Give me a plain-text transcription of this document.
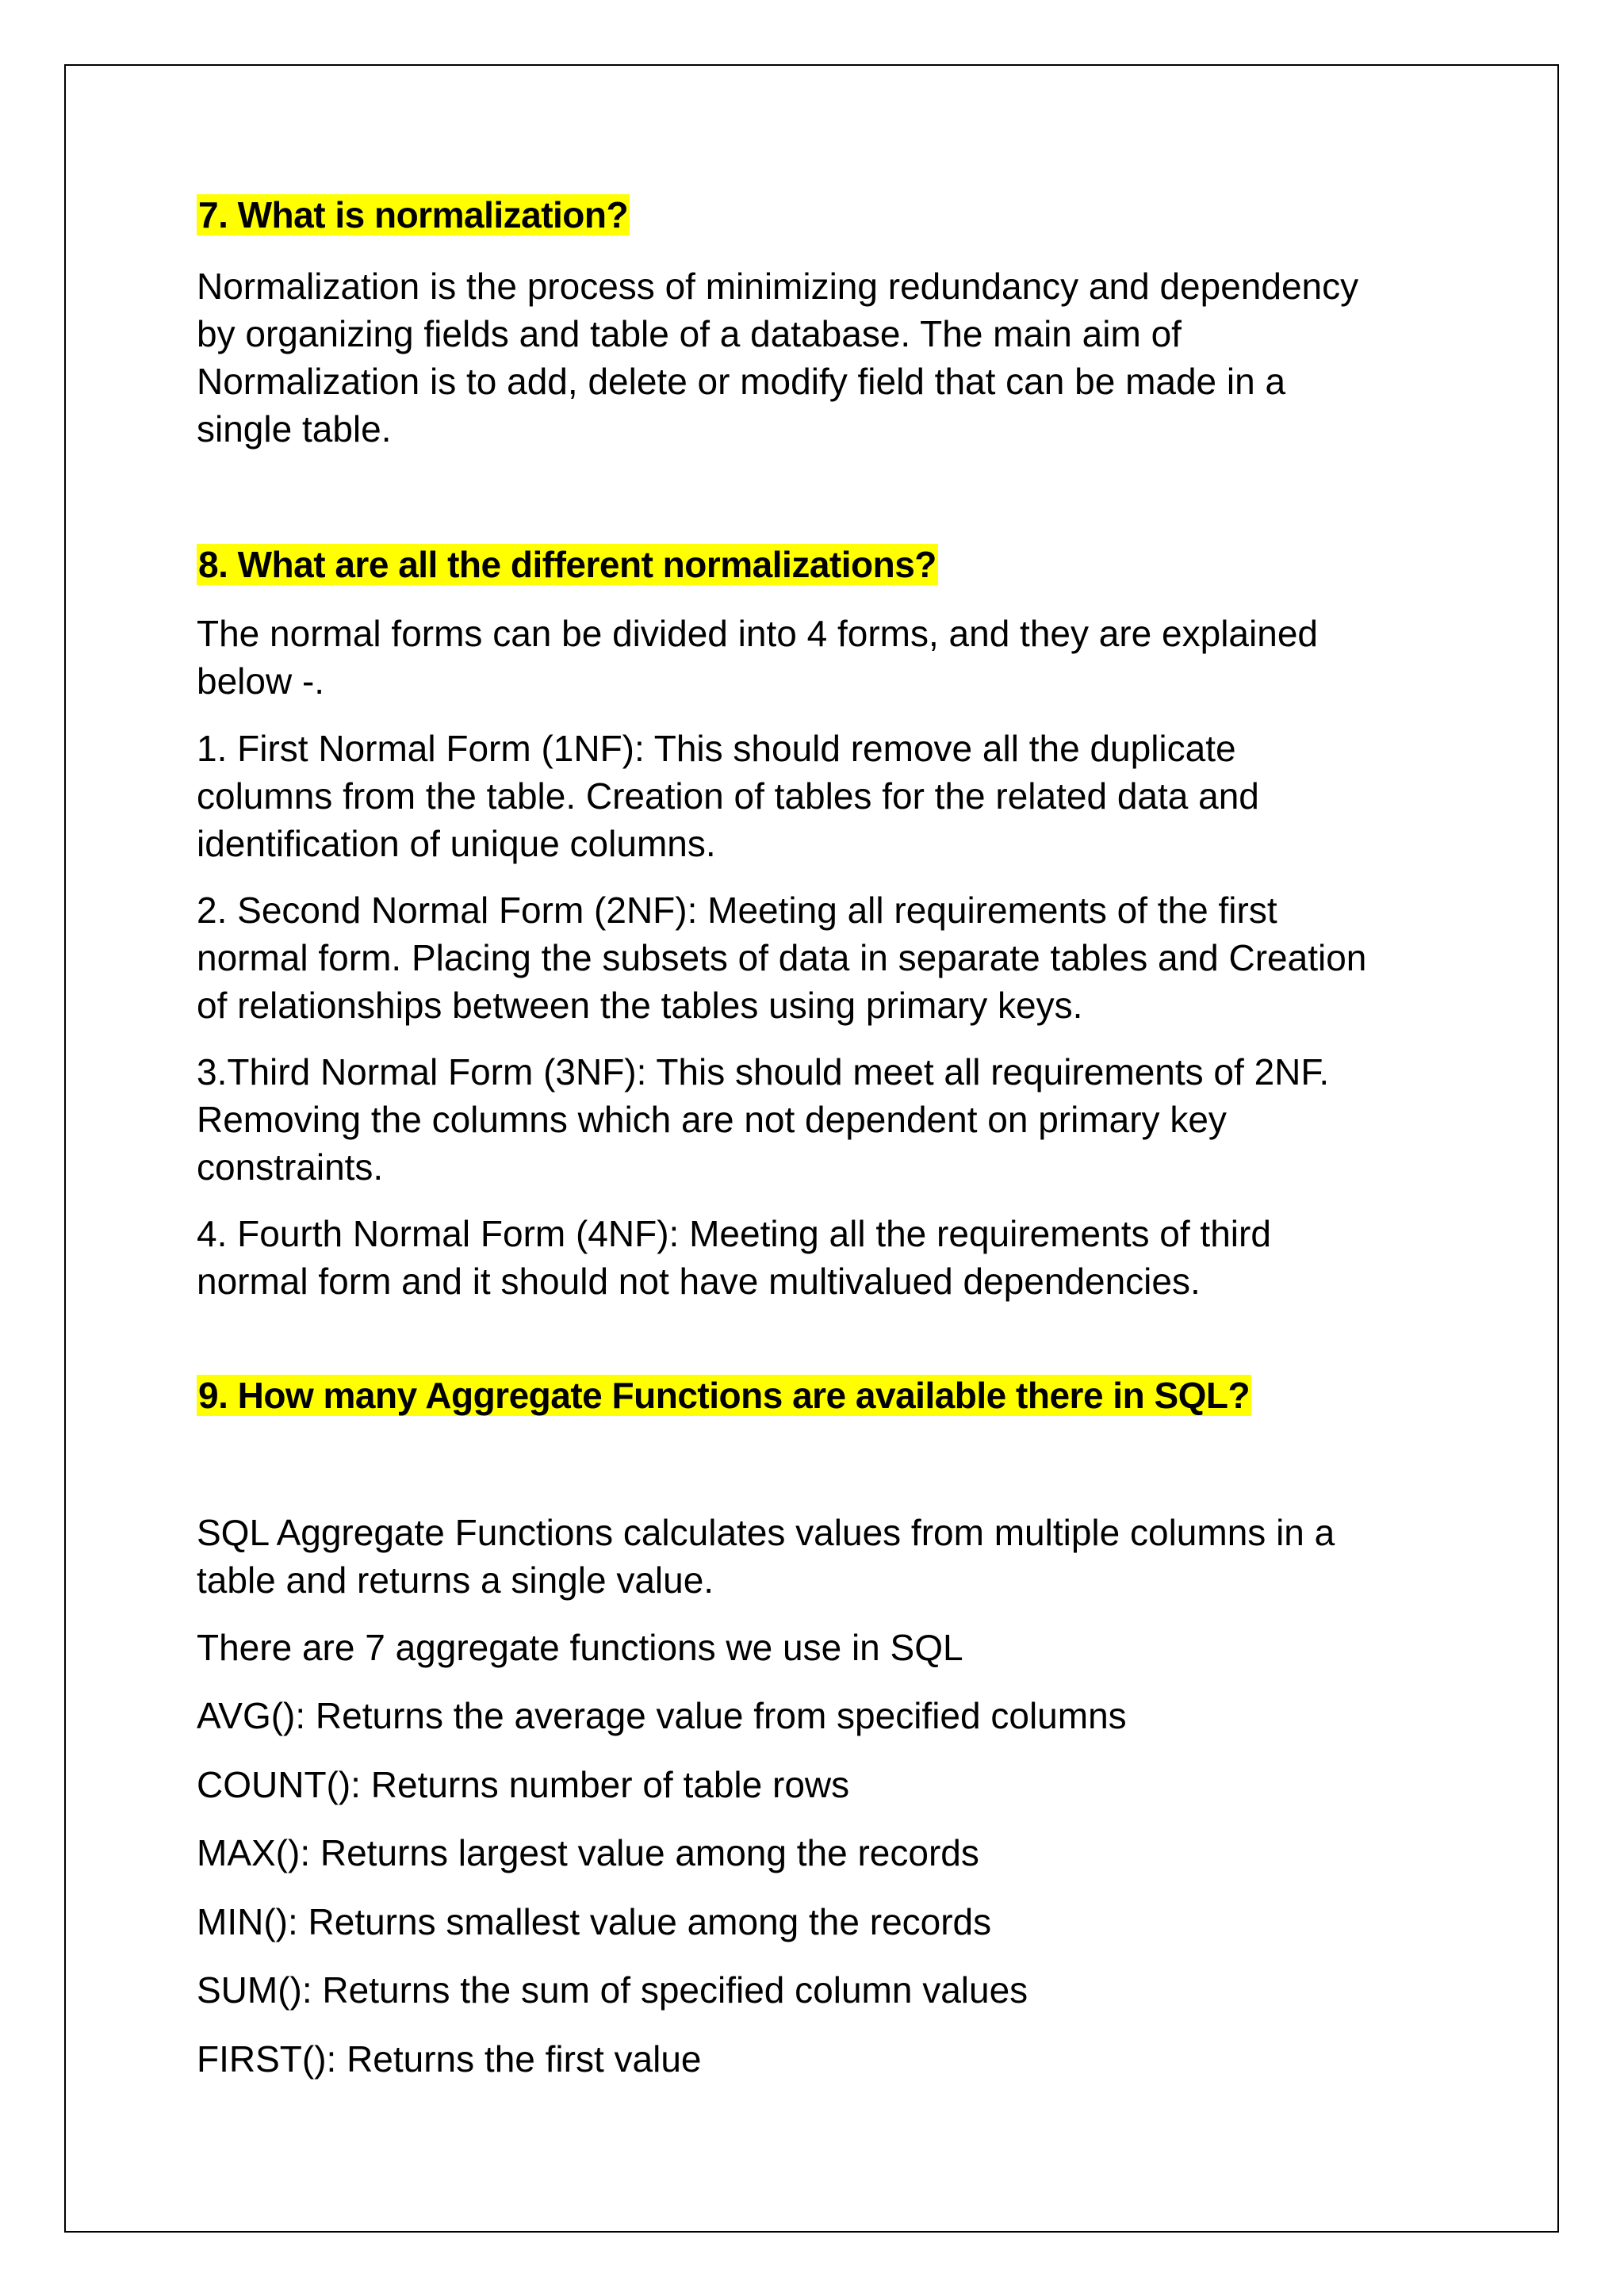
7. What is normalization?

Normalization is the process of minimizing redundancy and dependency
by organizing fields and table of a database. The main aim of
Normalization is to add, delete or modify field that can be made in a
single table.

8. What are all the different normalizations?

The normal forms can be divided into 4 forms, and they are explained
below -.

1. First Normal Form (1NF): This should remove all the duplicate
columns from the table. Creation of tables for the related data and
identification of unique columns.

2. Second Normal Form (2NF): Meeting all requirements of the first
normal form. Placing the subsets of data in separate tables and Creation
of relationships between the tables using primary keys.

3.Third Normal Form (3NF): This should meet all requirements of 2NF.
Removing the columns which are not dependent on primary key
constraints.

4. Fourth Normal Form (4NF): Meeting all the requirements of third
normal form and it should not have multivalued dependencies.

9. How many Aggregate Functions are available there in SQL?

SQL Aggregate Functions calculates values from multiple columns in a
table and returns a single value.

There are 7 aggregate functions we use in SQL

AVG(): Returns the average value from specified columns

COUNT(): Returns number of table rows

MAX(): Returns largest value among the records

MIN(): Returns smallest value among the records

SUM(): Returns the sum of specified column values

FIRST(): Returns the first value
